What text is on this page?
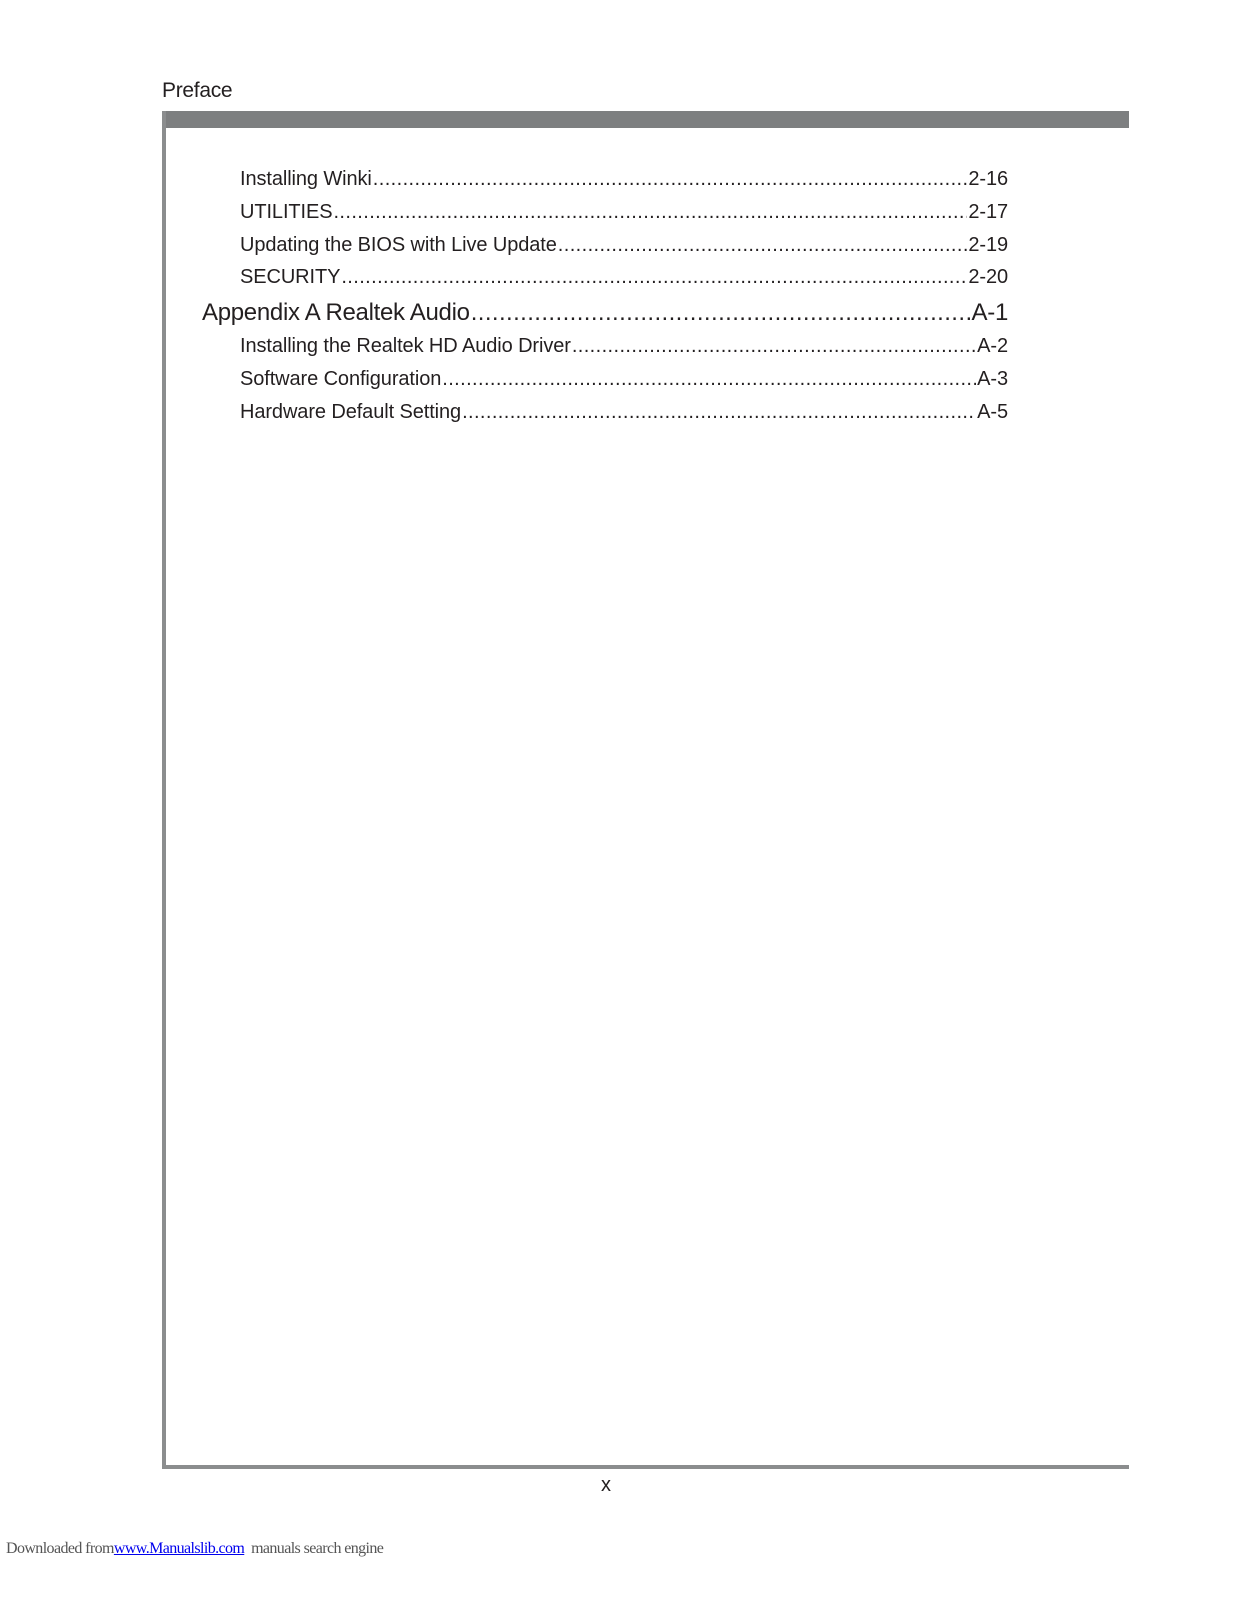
Preface
Installing Winki .....	2-16
UTILITIES .....	2-17
Updating the BIOS with Live Update .....	2-19
SECURITY .....	2-20
Appendix A Realtek Audio .....	A-1
Installing the Realtek HD Audio Driver .....	A-2
Software Configuration .....	A-3
Hardware Default Setting .....	A-5
x
Downloaded fromwww.Manualslib.com manuals search engine
